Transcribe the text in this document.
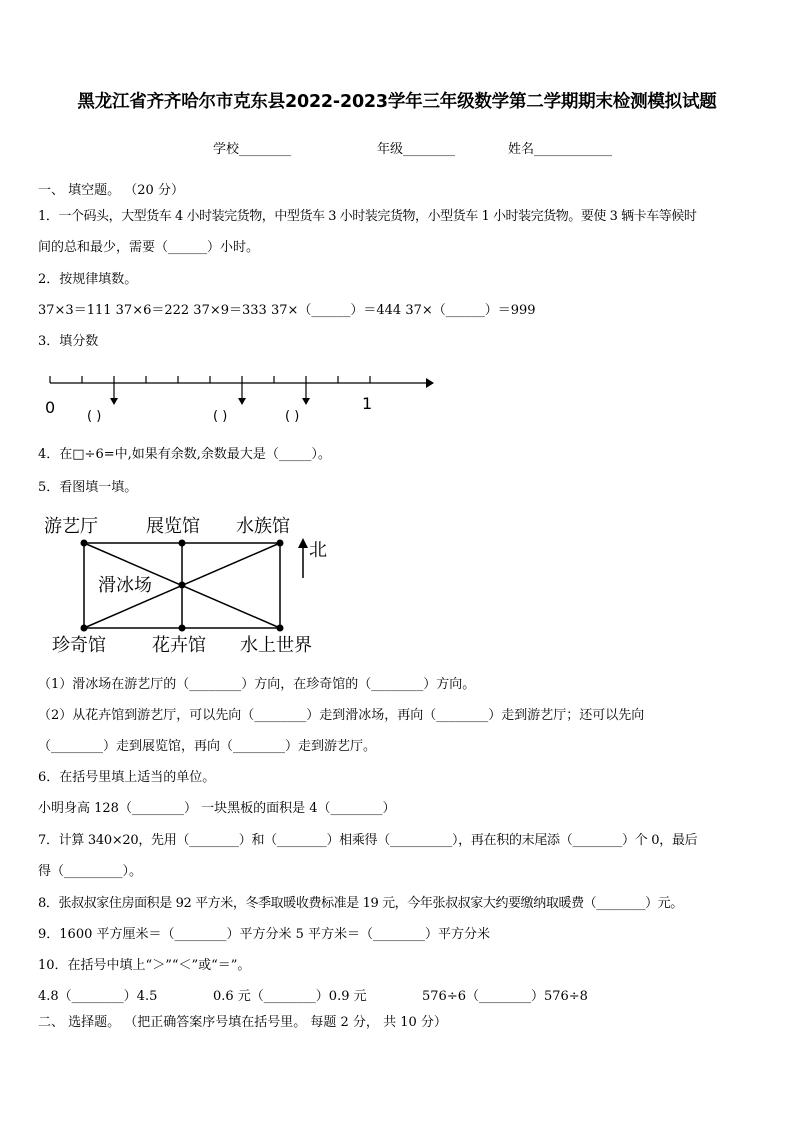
黑龙江省齐齐哈尔市克东县2022-2023学年三年级数学第二学期期末检测模拟试题
学校________	年级________	姓名____________
一、 填空题。 （20 分）
1．一个码头，大型货车 4 小时装完货物，中型货车 3 小时装完货物，小型货车 1 小时装完货物。要使 3 辆卡车等候时
间的总和最少，需要（______）小时。
2．按规律填数。
37×3＝111 37×6＝222 37×9＝333 37×（______）＝444 37×（______）＝999
3．填分数
0	1
( )	( )	( )
4．在□÷6=中,如果有余数,余数最大是（_____）。
5．看图填一填。
游艺厅	展览馆 水族馆
滑冰场
北
珍奇馆	花卉馆 水上世界
（1）滑冰场在游艺厅的（________）方向，在珍奇馆的（________）方向。
（2）从花卉馆到游艺厅，可以先向（________）走到滑冰场，再向（________）走到游艺厅；还可以先向
（________）走到展览馆，再向（________）走到游艺厅。
6．在括号里填上适当的单位。
小明身高 128（________） 一块黑板的面积是 4（________）
7．计算 340×20，先用（________）和（________）相乘得（__________），再在积的末尾添（________）个 0，最后
得（_________）。
8．张叔叔家住房面积是 92 平方米，冬季取暖收费标准是 19 元，今年张叔叔家大约要缴纳取暖费（________）元。
9．1600 平方厘米＝（________）平方分米 5 平方米＝（________）平方分米
10．在括号中填上“＞”“＜”或“＝”。
4.8（________）4.5	0.6 元（________）0.9 元	576÷6（________）576÷8
二、 选择题。 （把正确答案序号填在括号里。 每题 2 分， 共 10 分）
